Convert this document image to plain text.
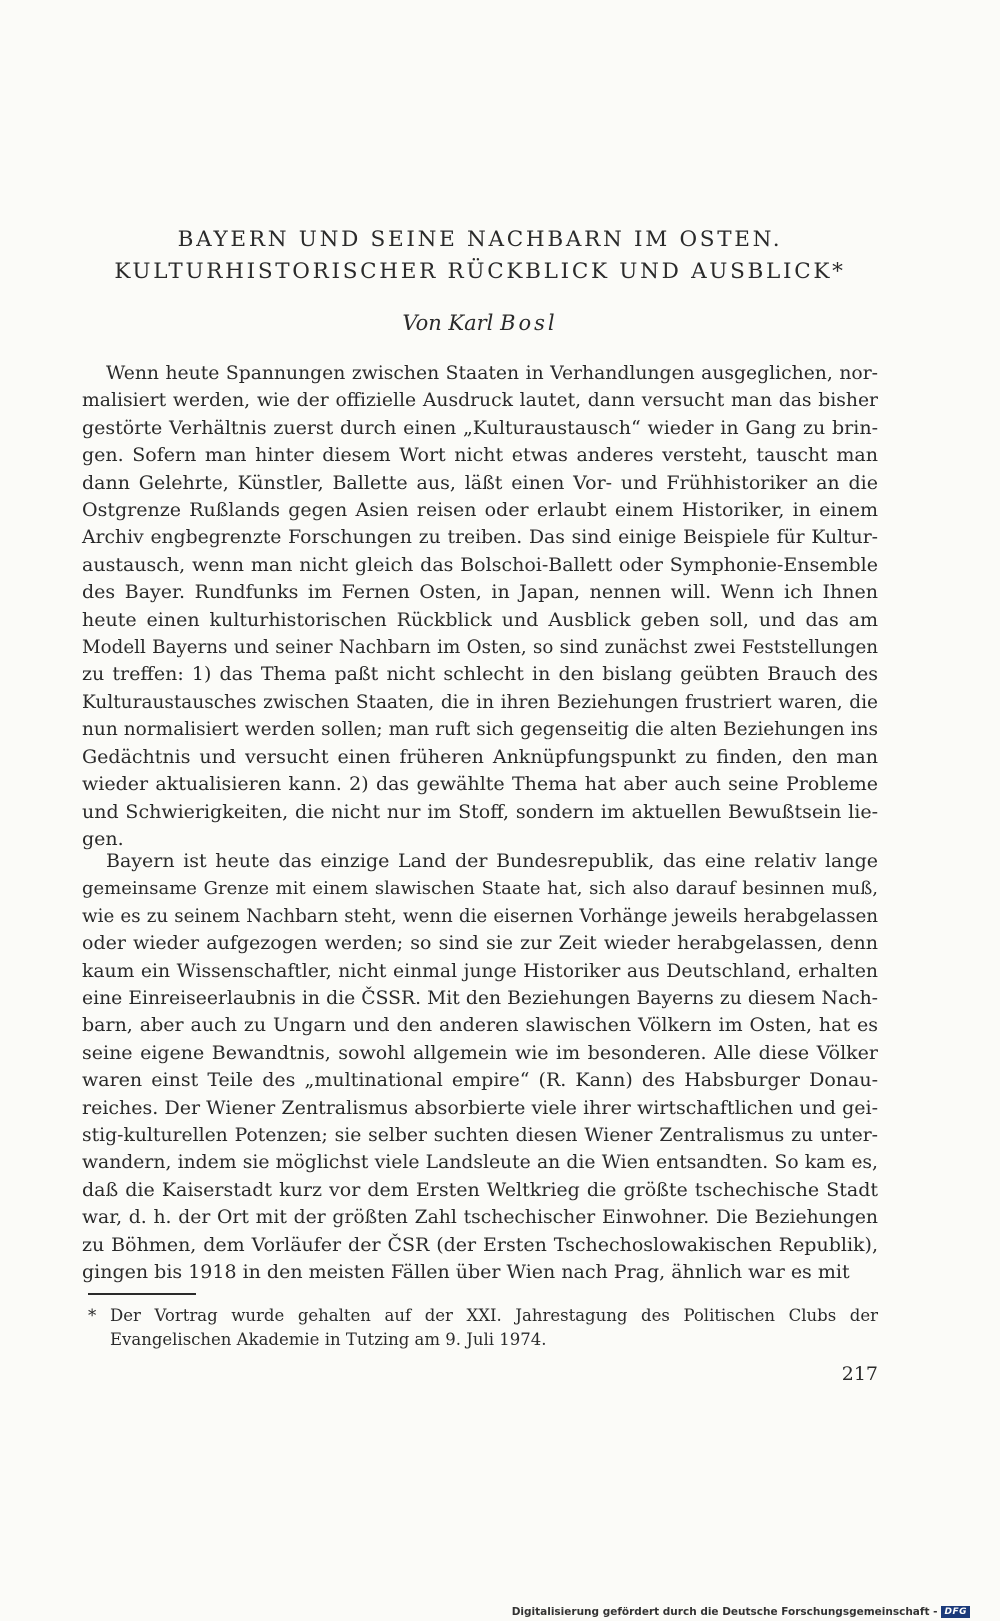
BAYERN UND SEINE NACHBARN IM OSTEN.
KULTURHISTORISCHER RÜCKBLICK UND AUSBLICK*
Von Karl Bosl
Wenn heute Spannungen zwischen Staaten in Verhandlungen ausgeglichen, nor-
malisiert werden, wie der offizielle Ausdruck lautet, dann versucht man das bisher
gestörte Verhältnis zuerst durch einen „Kulturaustausch“ wieder in Gang zu brin-
gen. Sofern man hinter diesem Wort nicht etwas anderes versteht, tauscht man
dann Gelehrte, Künstler, Ballette aus, läßt einen Vor- und Frühhistoriker an die
Ostgrenze Rußlands gegen Asien reisen oder erlaubt einem Historiker, in einem
Archiv engbegrenzte Forschungen zu treiben. Das sind einige Beispiele für Kultur-
austausch, wenn man nicht gleich das Bolschoi-Ballett oder Symphonie-Ensemble
des Bayer. Rundfunks im Fernen Osten, in Japan, nennen will. Wenn ich Ihnen
heute einen kulturhistorischen Rückblick und Ausblick geben soll, und das am
Modell Bayerns und seiner Nachbarn im Osten, so sind zunächst zwei Feststellungen
zu treffen: 1) das Thema paßt nicht schlecht in den bislang geübten Brauch des
Kulturaustausches zwischen Staaten, die in ihren Beziehungen frustriert waren, die
nun normalisiert werden sollen; man ruft sich gegenseitig die alten Beziehungen ins
Gedächtnis und versucht einen früheren Anknüpfungspunkt zu finden, den man
wieder aktualisieren kann. 2) das gewählte Thema hat aber auch seine Probleme
und Schwierigkeiten, die nicht nur im Stoff, sondern im aktuellen Bewußtsein lie-
gen.
Bayern ist heute das einzige Land der Bundesrepublik, das eine relativ lange
gemeinsame Grenze mit einem slawischen Staate hat, sich also darauf besinnen muß,
wie es zu seinem Nachbarn steht, wenn die eisernen Vorhänge jeweils herabgelassen
oder wieder aufgezogen werden; so sind sie zur Zeit wieder herabgelassen, denn
kaum ein Wissenschaftler, nicht einmal junge Historiker aus Deutschland, erhalten
eine Einreiseerlaubnis in die ČSSR. Mit den Beziehungen Bayerns zu diesem Nach-
barn, aber auch zu Ungarn und den anderen slawischen Völkern im Osten, hat es
seine eigene Bewandtnis, sowohl allgemein wie im besonderen. Alle diese Völker
waren einst Teile des „multinational empire“ (R. Kann) des Habsburger Donau-
reiches. Der Wiener Zentralismus absorbierte viele ihrer wirtschaftlichen und gei-
stig-kulturellen Potenzen; sie selber suchten diesen Wiener Zentralismus zu unter-
wandern, indem sie möglichst viele Landsleute an die Wien entsandten. So kam es,
daß die Kaiserstadt kurz vor dem Ersten Weltkrieg die größte tschechische Stadt
war, d. h. der Ort mit der größten Zahl tschechischer Einwohner. Die Beziehungen
zu Böhmen, dem Vorläufer der ČSR (der Ersten Tschechoslowakischen Republik),
gingen bis 1918 in den meisten Fällen über Wien nach Prag, ähnlich war es mit
* Der Vortrag wurde gehalten auf der XXI. Jahrestagung des Politischen Clubs der Evangelischen Akademie in Tutzing am 9. Juli 1974.
217
Digitalisierung gefördert durch die Deutsche Forschungsgemeinschaft - DFG
